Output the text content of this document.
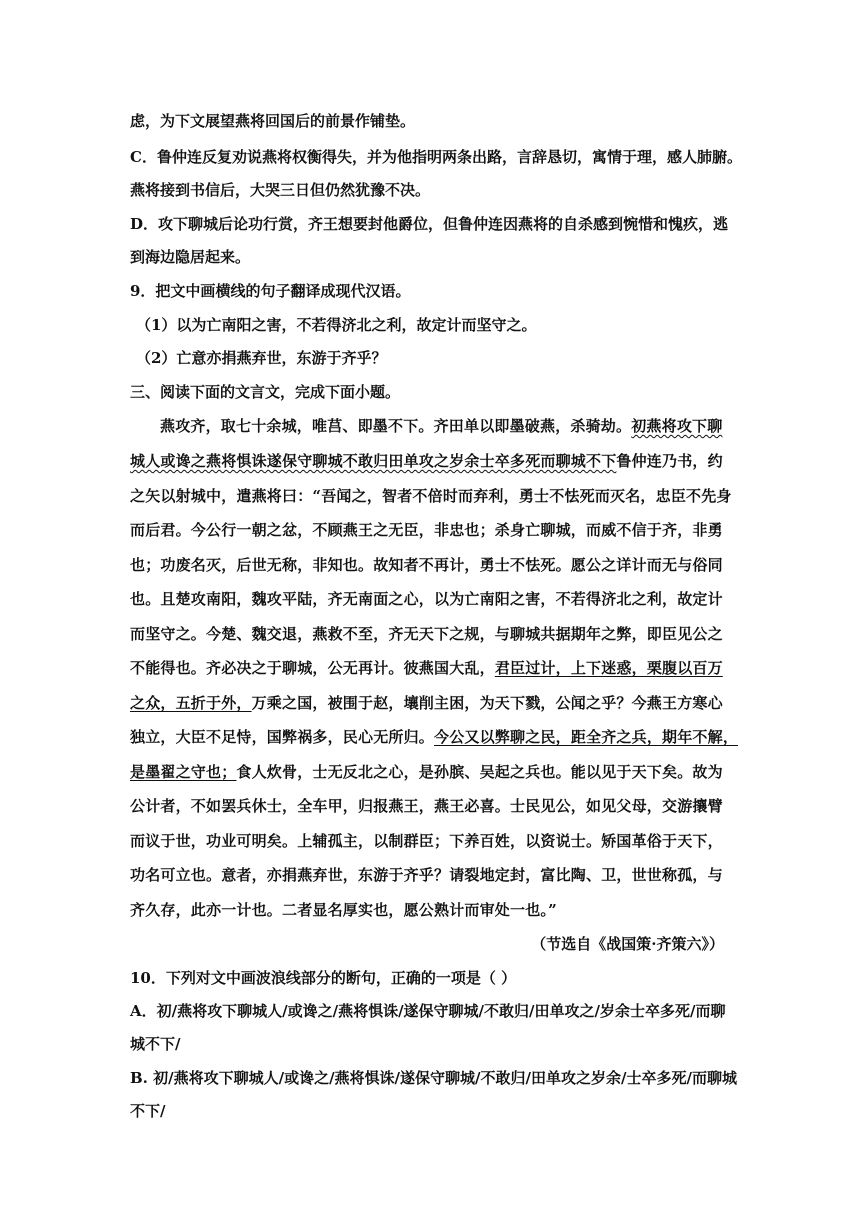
虑，为下文展望燕将回国后的前景作铺垫。
C．鲁仲连反复劝说燕将权衡得失，并为他指明两条出路，言辞恳切，寓情于理，感人肺腑。
燕将接到书信后，大哭三日但仍然犹豫不决。
D．攻下聊城后论功行赏，齐王想要封他爵位，但鲁仲连因燕将的自杀感到惋惜和愧疚，逃
到海边隐居起来。
9．把文中画横线的句子翻译成现代汉语。
（1）以为亡南阳之害，不若得济北之利，故定计而坚守之。
（2）亡意亦捐燕弃世，东游于齐乎？
三、阅读下面的文言文，完成下面小题。
燕攻齐，取七十余城，唯莒、即墨不下。齐田单以即墨破燕，杀骑劫。初燕将攻下聊
城人或谗之燕将惧诛遂保守聊城不敢归田单攻之岁余士卒多死而聊城不下鲁仲连乃书，约
之矢以射城中，遣燕将曰：“吾闻之，智者不倍时而弃利，勇士不怯死而灭名，忠臣不先身
而后君。今公行一朝之忿，不顾燕王之无臣，非忠也；杀身亡聊城，而威不信于齐，非勇
也；功废名灭，后世无称，非知也。故知者不再计，勇士不怯死。愿公之详计而无与俗同
也。且楚攻南阳，魏攻平陆，齐无南面之心，以为亡南阳之害，不若得济北之利，故定计
而坚守之。今楚、魏交退，燕救不至，齐无天下之规，与聊城共据期年之弊，即臣见公之
不能得也。齐必决之于聊城，公无再计。彼燕国大乱，君臣过计，上下迷惑，栗腹以百万
之众，五折于外，万乘之国，被围于赵，壤削主困，为天下戮，公闻之乎？今燕王方寒心
独立，大臣不足恃，国弊祸多，民心无所归。今公又以弊聊之民，距全齐之兵，期年不解，
是墨翟之守也；食人炊骨，士无反北之心，是孙膑、吴起之兵也。能以见于天下矣。故为
公计者，不如罢兵休士，全车甲，归报燕王，燕王必喜。士民见公，如见父母，交游攘臂
而议于世，功业可明矣。上辅孤主，以制群臣；下养百姓，以资说士。矫国革俗于天下，
功名可立也。意者，亦捐燕弃世，东游于齐乎？请裂地定封，富比陶、卫，世世称孤，与
齐久存，此亦一计也。二者显名厚实也，愿公熟计而审处一也。”
（节选自《战国策·齐策六》）
10．下列对文中画波浪线部分的断句，正确的一项是（ ）
A．初/燕将攻下聊城人/或谗之/燕将惧诛/遂保守聊城/不敢归/田单攻之/岁余士卒多死/而聊
城不下/
B. 初/燕将攻下聊城人/或谗之/燕将惧诛/遂保守聊城/不敢归/田单攻之岁余/士卒多死/而聊城
不下/
